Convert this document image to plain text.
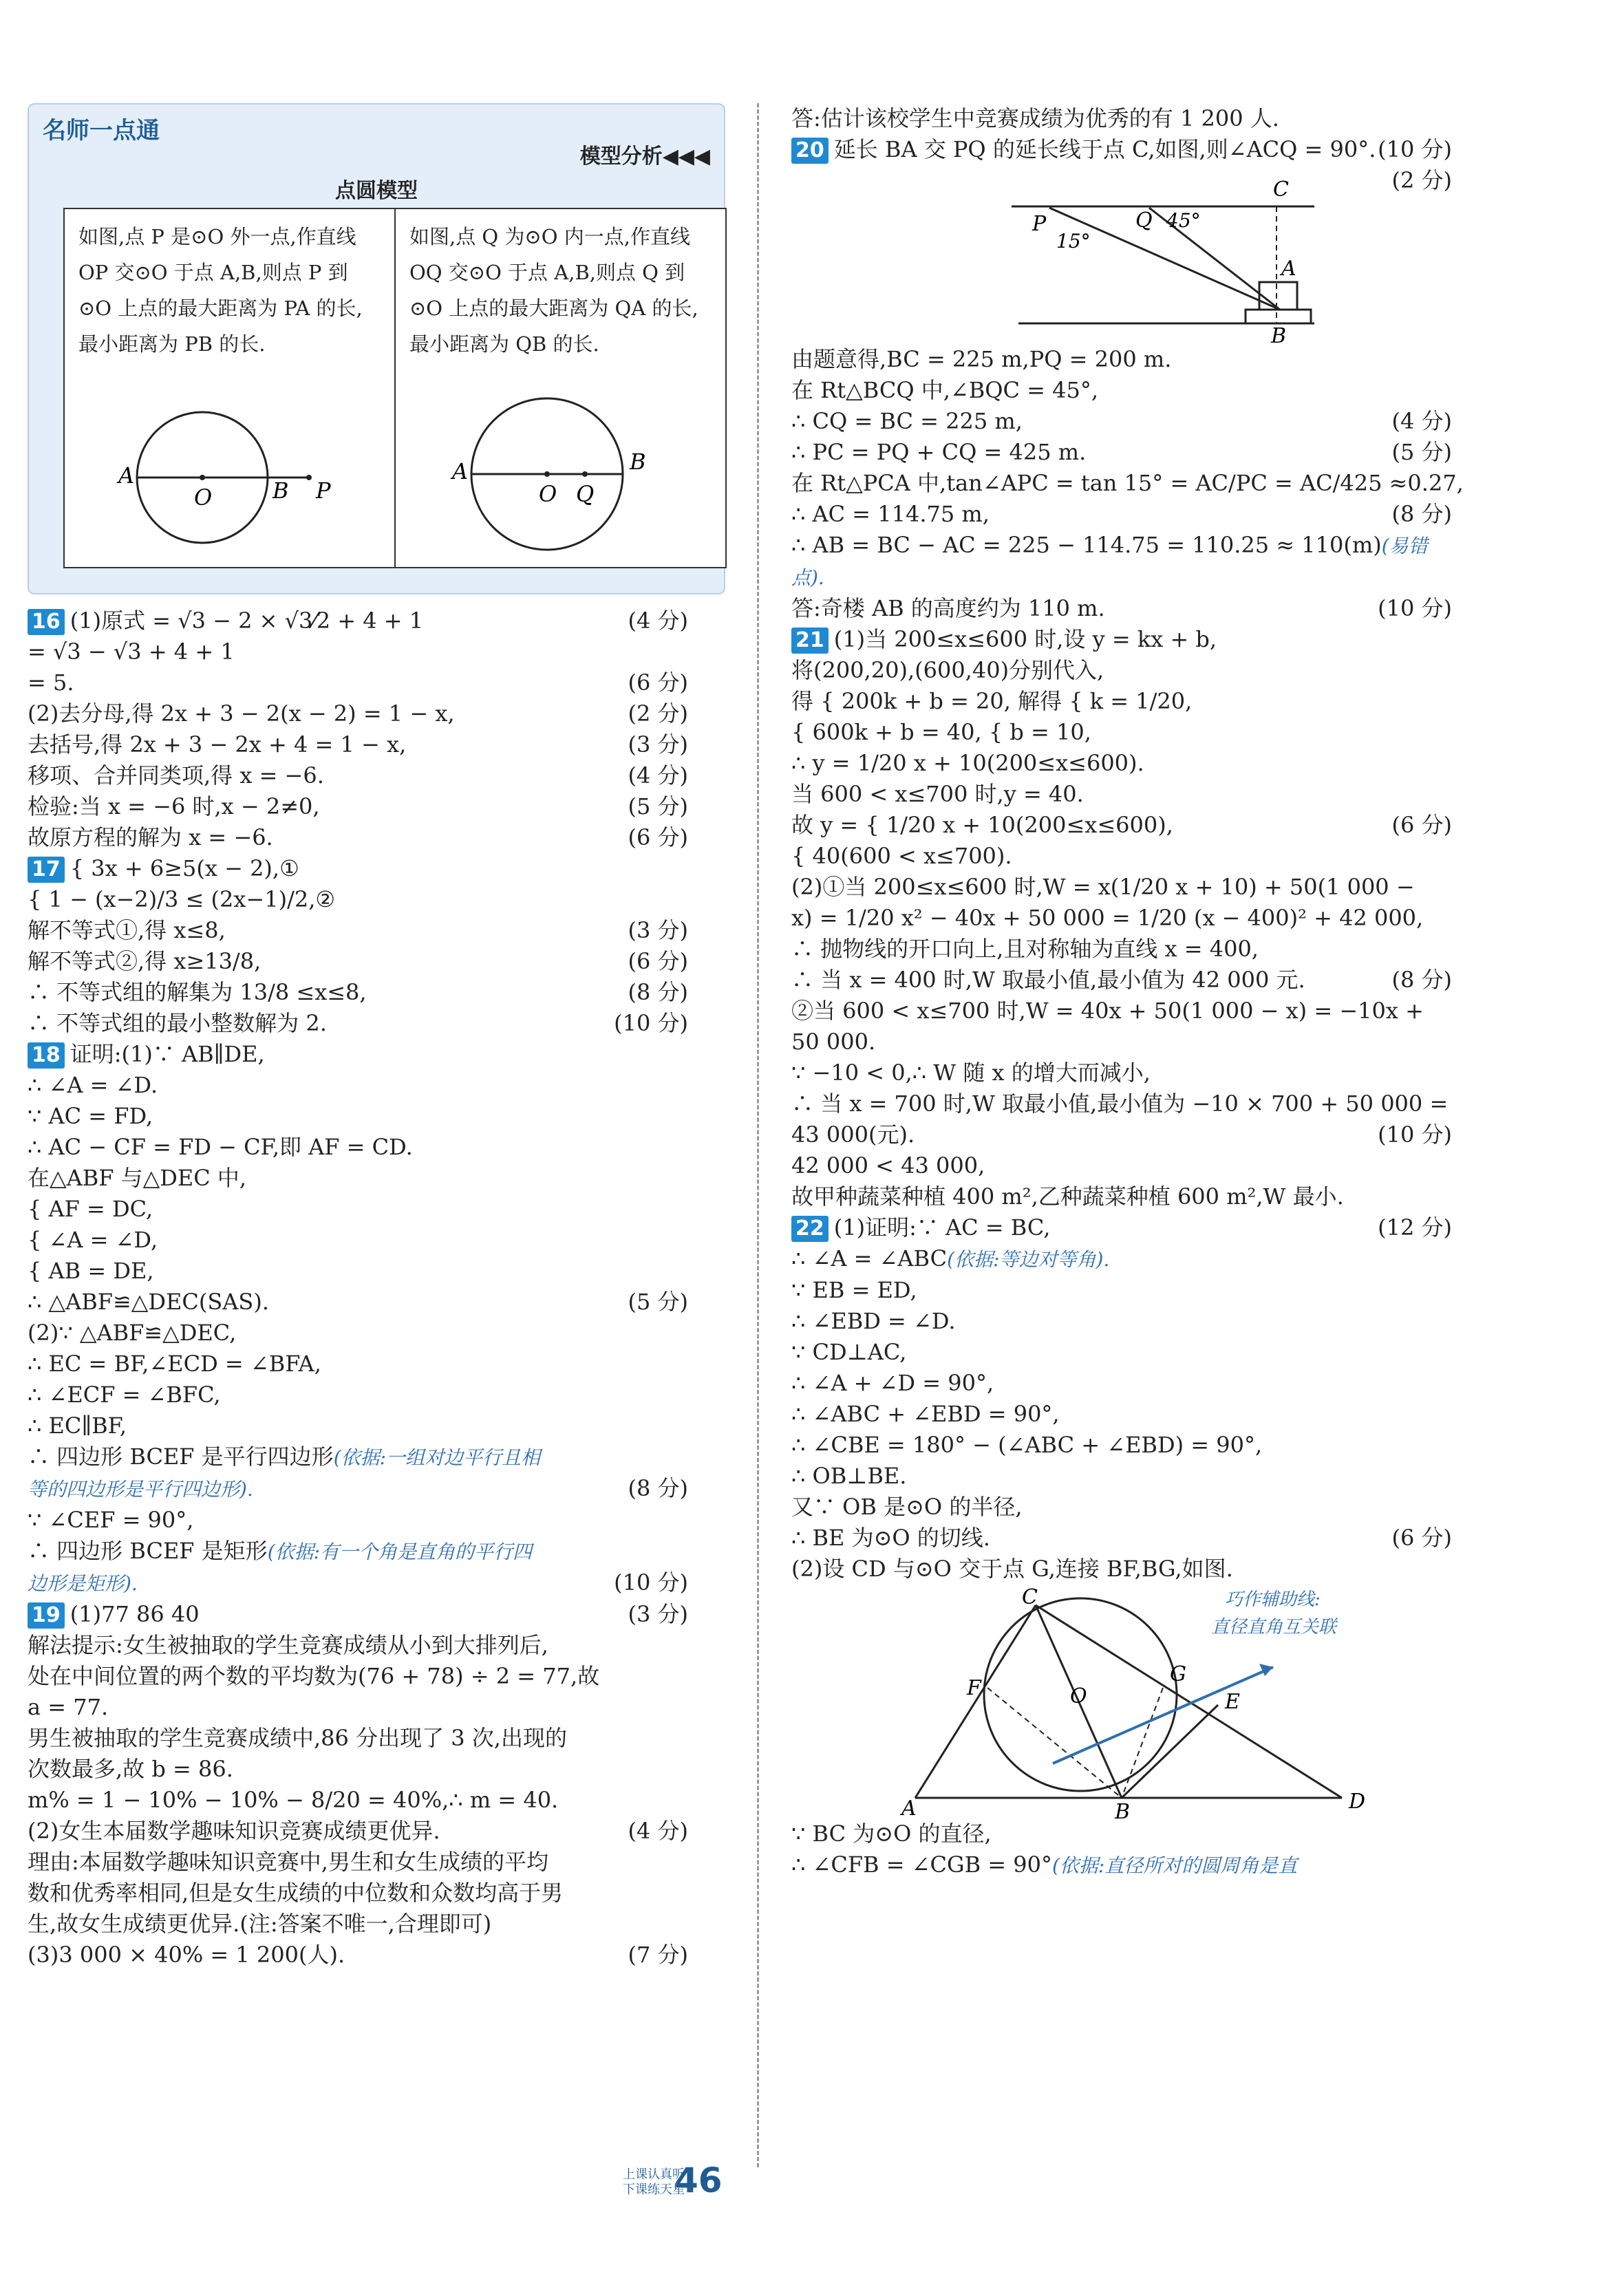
名师一点通
模型分析◀◀◀
点圆模型
如图,点 P 是⊙O 外一点,作直线 OP 交⊙O 于点 A,B,则点 P 到⊙O 上点的最大距离为 PA 的长,最小距离为 PB 的长.
A
O	B P
如图,点 Q 为⊙O 内一点,作直线 OQ 交⊙O 于点 A,B,则点 Q 到⊙O 上点的最大距离为 QA 的长,最小距离为 QB 的长.
A
O Q
B
16 (1)原式 = √3 − 2 × √3⁄2 + 4 + 1	(4 分)
= √3 − √3 + 4 + 1
= 5.	(6 分)
(2)去分母,得 2x + 3 − 2(x − 2) = 1 − x,	(2 分)
去括号,得 2x + 3 − 2x + 4 = 1 − x,	(3 分)
移项、合并同类项,得 x = −6.	(4 分)
检验:当 x = −6 时,x − 2≠0,	(5 分)
故原方程的解为 x = −6.	(6 分)
17 { 3x + 6≥5(x − 2),①
{ 1 − (x−2)/3 ≤ (2x−1)/2,②
解不等式①,得 x≤8,	(3 分)
解不等式②,得 x≥13/8,	(6 分)
∴ 不等式组的解集为 13/8 ≤x≤8,	(8 分)
∴ 不等式组的最小整数解为 2.	(10 分)
18 证明:(1)∵ AB∥DE,
∴ ∠A = ∠D.
∵ AC = FD,
∴ AC − CF = FD − CF,即 AF = CD.
在△ABF 与△DEC 中,
{ AF = DC,
{ ∠A = ∠D,
{ AB = DE,
∴ △ABF≌△DEC(SAS).	(5 分)
(2)∵ △ABF≌△DEC,
∴ EC = BF,∠ECD = ∠BFA,
∴ ∠ECF = ∠BFC,
∴ EC∥BF,
∴ 四边形 BCEF 是平行四边形(依据:一组对边平行且相
等的四边形是平行四边形).	(8 分)
∵ ∠CEF = 90°,
∴ 四边形 BCEF 是矩形(依据:有一个角是直角的平行四
边形是矩形).	(10 分)
19 (1)77 86 40	(3 分)
解法提示:女生被抽取的学生竞赛成绩从小到大排列后,
处在中间位置的两个数的平均数为(76 + 78) ÷ 2 = 77,故
a = 77.
男生被抽取的学生竞赛成绩中,86 分出现了 3 次,出现的
次数最多,故 b = 86.
m% = 1 − 10% − 10% − 8/20 = 40%,∴ m = 40.
(2)女生本届数学趣味知识竞赛成绩更优异.	(4 分)
理由:本届数学趣味知识竞赛中,男生和女生成绩的平均
数和优秀率相同,但是女生成绩的中位数和众数均高于男
生,故女生成绩更优异.(注:答案不唯一,合理即可)
(7 分)
(3)3 000 × 40% = 1 200(人).
答:估计该校学生中竞赛成绩为优秀的有 1 200 人.
(10 分)
20 延长 BA 交 PQ 的延长线于点 C,如图,则∠ACQ = 90°.
(2 分)
P
15°
Q 45°
C
A
B
由题意得,BC = 225 m,PQ = 200 m.
在 Rt△BCQ 中,∠BQC = 45°,
∴ CQ = BC = 225 m,	(4 分)
∴ PC = PQ + CQ = 425 m.	(5 分)
在 Rt△PCA 中,tan∠APC = tan 15° = AC/PC = AC/425 ≈0.27,
∴ AC = 114.75 m,	(8 分)
∴ AB = BC − AC = 225 − 114.75 = 110.25 ≈ 110(m)(易错
点).
答:奇楼 AB 的高度约为 110 m.	(10 分)
21 (1)当 200≤x≤600 时,设 y = kx + b,
将(200,20),(600,40)分别代入,
得 { 200k + b = 20, 解得 { k = 1/20,
{ 600k + b = 40, { b = 10,
∴ y = 1/20 x + 10(200≤x≤600).
当 600 < x≤700 时,y = 40.
故 y = { 1/20 x + 10(200≤x≤600),	(6 分)
{ 40(600 < x≤700).
(2)①当 200≤x≤600 时,W = x(1/20 x + 10) + 50(1 000 −
x) = 1/20 x² − 40x + 50 000 = 1/20 (x − 400)² + 42 000,
∴ 抛物线的开口向上,且对称轴为直线 x = 400,
∴ 当 x = 400 时,W 取最小值,最小值为 42 000 元.	(8 分)
②当 600 < x≤700 时,W = 40x + 50(1 000 − x) = −10x +
50 000.
∵ −10 < 0,∴ W 随 x 的增大而减小,
∴ 当 x = 700 时,W 取最小值,最小值为 −10 × 700 + 50 000 =
43 000(元).	(10 分)
42 000 < 43 000,
故甲种蔬菜种植 400 m²,乙种蔬菜种植 600 m²,W 最小.
(12 分)
22 (1)证明:∵ AC = BC,
∴ ∠A = ∠ABC(依据:等边对等角).
∵ EB = ED,
∴ ∠EBD = ∠D.
∵ CD⊥AC,
∴ ∠A + ∠D = 90°,
∴ ∠ABC + ∠EBD = 90°,
∴ ∠CBE = 180° − (∠ABC + ∠EBD) = 90°,
∴ OB⊥BE.
又∵ OB 是⊙O 的半径,
∴ BE 为⊙O 的切线.	(6 分)
(2)设 CD 与⊙O 交于点 G,连接 BF,BG,如图.
C
F	O
G
E
A	B	D
巧作辅助线:
直径直角互关联
∵ BC 为⊙O 的直径,
∴ ∠CFB = ∠CGB = 90°(依据:直径所对的圆周角是直
上课认真听
下课练天星
46
